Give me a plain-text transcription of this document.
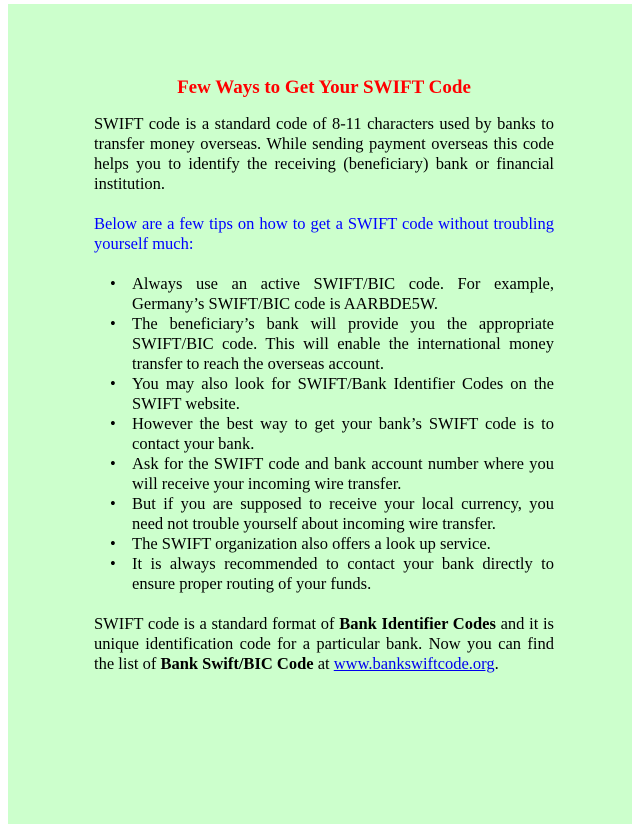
Few Ways to Get Your SWIFT Code

SWIFT code is a standard code of 8-11 characters used by banks to transfer money overseas. While sending payment overseas this code helps you to identify the receiving (beneficiary) bank or financial institution.

Below are a few tips on how to get a SWIFT code without troubling yourself much:

• Always use an active SWIFT/BIC code. For example, Germany’s SWIFT/BIC code is AARBDE5W.
• The beneficiary’s bank will provide you the appropriate SWIFT/BIC code. This will enable the international money transfer to reach the overseas account.
• You may also look for SWIFT/Bank Identifier Codes on the SWIFT website.
• However the best way to get your bank’s SWIFT code is to contact your bank.
• Ask for the SWIFT code and bank account number where you will receive your incoming wire transfer.
• But if you are supposed to receive your local currency, you need not trouble yourself about incoming wire transfer.
• The SWIFT organization also offers a look up service.
• It is always recommended to contact your bank directly to ensure proper routing of your funds.

SWIFT code is a standard format of Bank Identifier Codes and it is unique identification code for a particular bank. Now you can find the list of Bank Swift/BIC Code at www.bankswiftcode.org.
